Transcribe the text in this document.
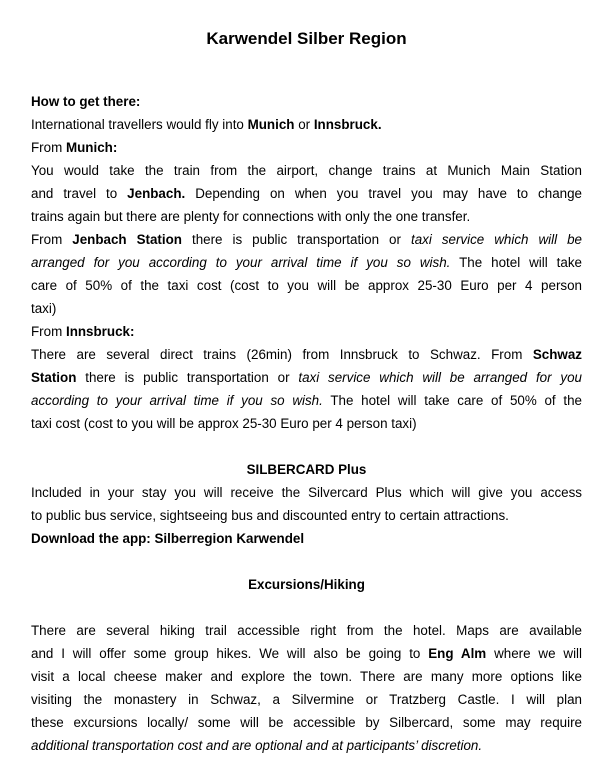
Karwendel Silber Region
How to get there:
International travellers would fly into Munich or Innsbruck.
From Munich:
You would take the train from the airport, change trains at Munich Main Station
and travel to Jenbach. Depending on when you travel you may have to change
trains again but there are plenty for connections with only the one transfer.
From Jenbach Station there is public transportation or taxi service which will be
arranged for you according to your arrival time if you so wish. The hotel will take
care of 50% of the taxi cost (cost to you will be approx 25-30 Euro per 4 person
taxi)
From Innsbruck:
There are several direct trains (26min) from Innsbruck to Schwaz. From Schwaz
Station there is public transportation or taxi service which will be arranged for you
according to your arrival time if you so wish. The hotel will take care of 50% of the
taxi cost (cost to you will be approx 25-30 Euro per 4 person taxi)
SILBERCARD Plus
Included in your stay you will receive the Silvercard Plus which will give you access
to public bus service, sightseeing bus and discounted entry to certain attractions.
Download the app: Silberregion Karwendel
Excursions/Hiking
There are several hiking trail accessible right from the hotel. Maps are available
and I will offer some group hikes. We will also be going to Eng Alm where we will
visit a local cheese maker and explore the town. There are many more options like
visiting the monastery in Schwaz, a Silvermine or Tratzberg Castle. I will plan
these excursions locally/ some will be accessible by Silbercard, some may require
additional transportation cost and are optional and at participants’ discretion.
